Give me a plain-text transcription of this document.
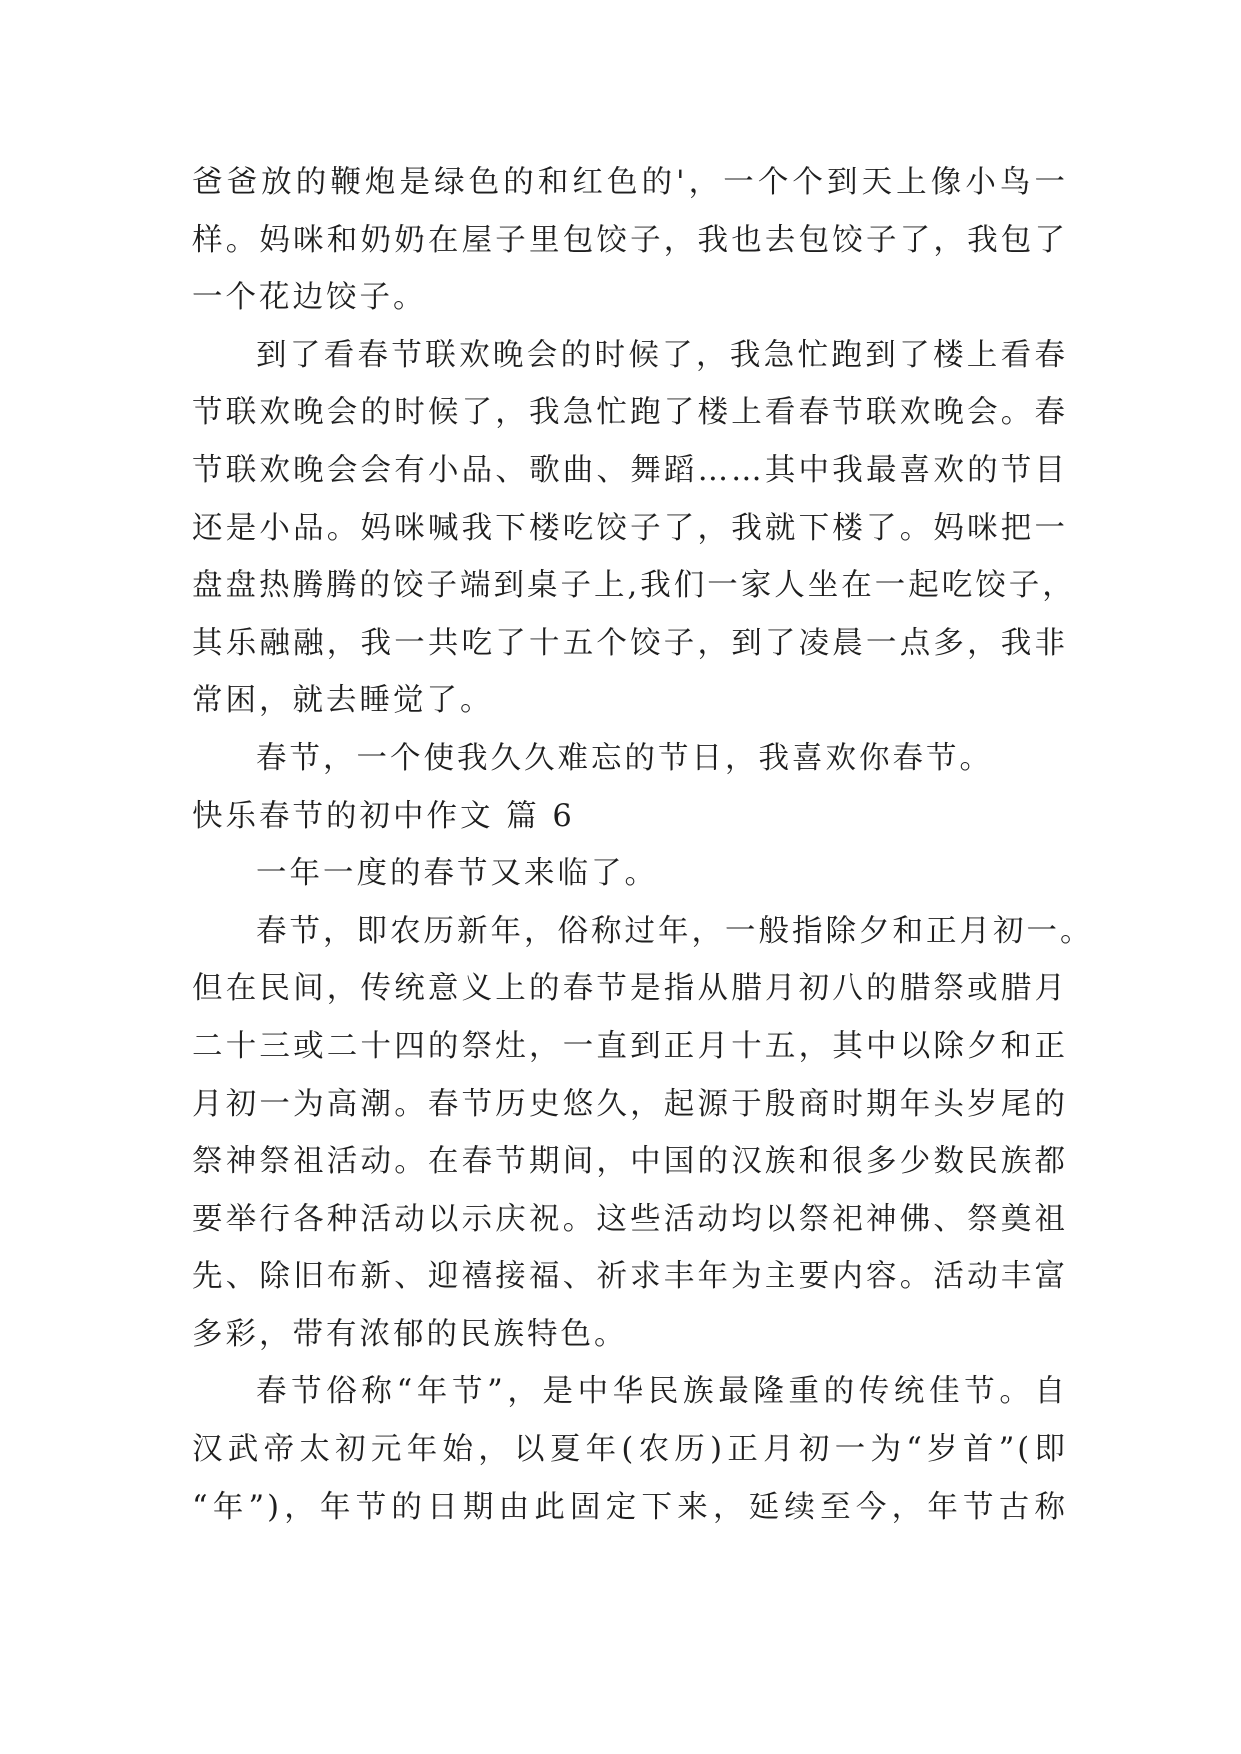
爸爸放的鞭炮是绿色的和红色的'，一个个到天上像小鸟一
样。妈咪和奶奶在屋子里包饺子，我也去包饺子了，我包了
一个花边饺子。
到了看春节联欢晚会的时候了，我急忙跑到了楼上看春
节联欢晚会的时候了，我急忙跑了楼上看春节联欢晚会。春
节联欢晚会会有小品、歌曲、舞蹈……其中我最喜欢的节目
还是小品。妈咪喊我下楼吃饺子了，我就下楼了。妈咪把一
盘盘热腾腾的饺子端到桌子上,我们一家人坐在一起吃饺子，
其乐融融，我一共吃了十五个饺子，到了凌晨一点多，我非
常困，就去睡觉了。
春节，一个使我久久难忘的节日，我喜欢你春节。
快乐春节的初中作文 篇 6
一年一度的春节又来临了。
春节，即农历新年，俗称过年，一般指除夕和正月初一。
但在民间，传统意义上的春节是指从腊月初八的腊祭或腊月
二十三或二十四的祭灶，一直到正月十五，其中以除夕和正
月初一为高潮。春节历史悠久，起源于殷商时期年头岁尾的
祭神祭祖活动。在春节期间，中国的汉族和很多少数民族都
要举行各种活动以示庆祝。这些活动均以祭祀神佛、祭奠祖
先、除旧布新、迎禧接福、祈求丰年为主要内容。活动丰富
多彩，带有浓郁的民族特色。
春节俗称“年节”，是中华民族最隆重的传统佳节。自
汉武帝太初元年始，以夏年(农历)正月初一为“岁首”(即
“年”)，年节的日期由此固定下来，延续至今，年节古称
